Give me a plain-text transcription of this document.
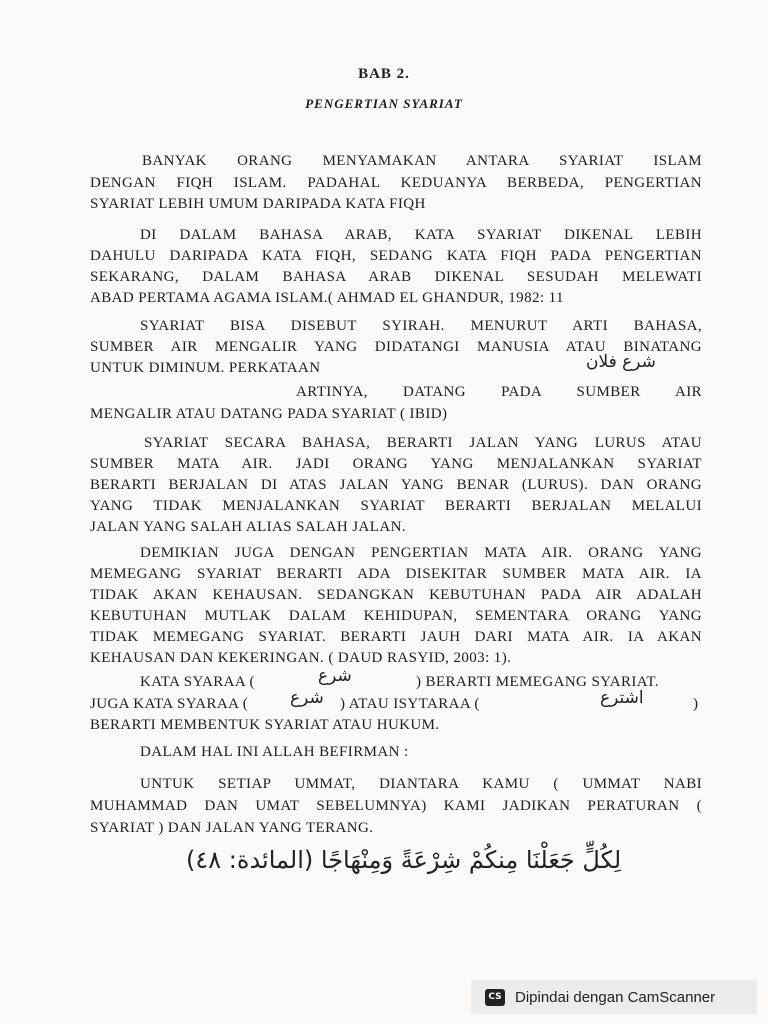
BAB 2.
PENGERTIAN SYARIAT
BANYAK ORANG MENYAMAKAN ANTARA SYARIAT ISLAM
DENGAN FIQH ISLAM. PADAHAL KEDUANYA BERBEDA, PENGERTIAN
SYARIAT LEBIH UMUM DARIPADA KATA FIQH
DI DALAM BAHASA ARAB, KATA SYARIAT DIKENAL LEBIH
DAHULU DARIPADA KATA FIQH, SEDANG KATA FIQH PADA PENGERTIAN
SEKARANG, DALAM BAHASA ARAB DIKENAL SESUDAH MELEWATI
ABAD PERTAMA AGAMA ISLAM.( AHMAD EL GHANDUR, 1982: 11
SYARIAT BISA DISEBUT SYIRAH. MENURUT ARTI BAHASA,
SUMBER AIR MENGALIR YANG DIDATANGI MANUSIA ATAU BINATANG
UNTUK DIMINUM. PERKATAAN	شرع فلان
ARTINYA, DATANG PADA SUMBER AIR
MENGALIR ATAU DATANG PADA SYARIAT ( IBID)
SYARIAT SECARA BAHASA, BERARTI JALAN YANG LURUS ATAU
SUMBER MATA AIR. JADI ORANG YANG MENJALANKAN SYARIAT
BERARTI BERJALAN DI ATAS JALAN YANG BENAR (LURUS). DAN ORANG
YANG TIDAK MENJALANKAN SYARIAT BERARTI BERJALAN MELALUI
JALAN YANG SALAH ALIAS SALAH JALAN.
DEMIKIAN JUGA DENGAN PENGERTIAN MATA AIR. ORANG YANG
MEMEGANG SYARIAT BERARTI ADA DISEKITAR SUMBER MATA AIR. IA
TIDAK AKAN KEHAUSAN. SEDANGKAN KEBUTUHAN PADA AIR ADALAH
KEBUTUHAN MUTLAK DALAM KEHIDUPAN, SEMENTARA ORANG YANG
TIDAK MEMEGANG SYARIAT. BERARTI JAUH DARI MATA AIR. IA AKAN
KEHAUSAN DAN KEKERINGAN. ( DAUD RASYID, 2003: 1).
KATA SYARAA (	شرع	) BERARTI MEMEGANG SYARIAT.
JUGA KATA SYARAA ( شرع ) ATAU ISYTARAA (	اشترع	)
BERARTI MEMBENTUK SYARIAT ATAU HUKUM.
DALAM HAL INI ALLAH BEFIRMAN :
UNTUK SETIAP UMMAT, DIANTARA KAMU ( UMMAT NABI
MUHAMMAD DAN UMAT SEBELUMNYA) KAMI JADIKAN PERATURAN (
SYARIAT ) DAN JALAN YANG TERANG.
لِكُلٍّ جَعَلْنَا مِنكُمْ شِرْعَةً وَمِنْهَاجًا (المائدة: ٤٨)
CS Dipindai dengan CamScanner
